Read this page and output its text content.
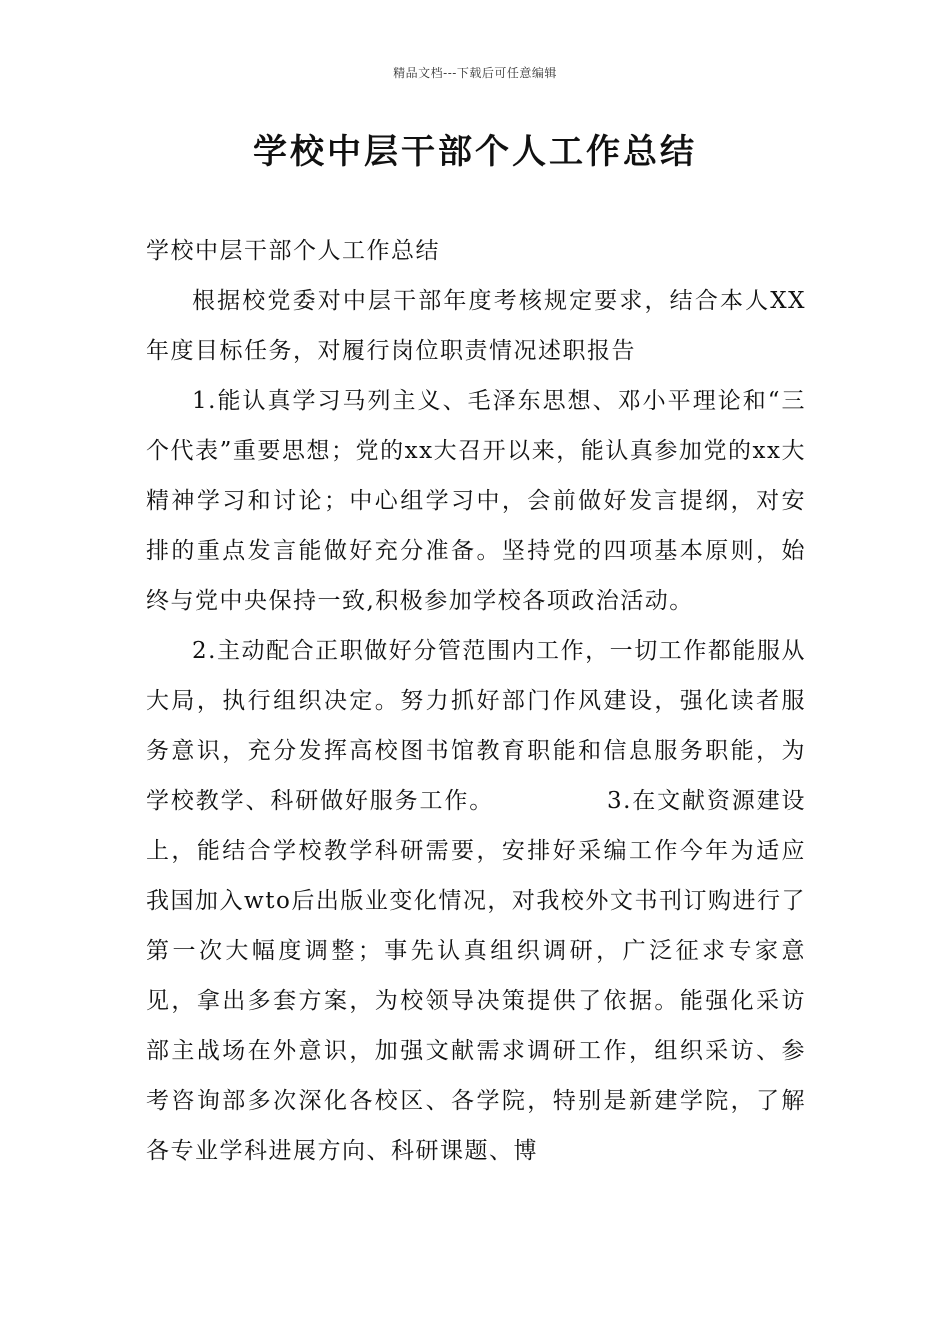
精品文档---下载后可任意编辑
学校中层干部个人工作总结

学校中层干部个人工作总结

根据校党委对中层干部年度考核规定要求，结合本人XX年度目标任务，对履行岗位职责情况述职报告

1.能认真学习马列主义、毛泽东思想、邓小平理论和“三个代表”重要思想；党的xx大召开以来，能认真参加党的xx大精神学习和讨论；中心组学习中，会前做好发言提纲，对安排的重点发言能做好充分准备。坚持党的四项基本原则，始终与党中央保持一致,积极参加学校各项政治活动。

2.主动配合正职做好分管范围内工作，一切工作都能服从大局，执行组织决定。努力抓好部门作风建设，强化读者服务意识，充分发挥高校图书馆教育职能和信息服务职能，为学校教学、科研做好服务工作。　　　　　3.在文献资源建设上，能结合学校教学科研需要，安排好采编工作今年为适应我国加入wto后出版业变化情况，对我校外文书刊订购进行了第一次大幅度调整；事先认真组织调研，广泛征求专家意见，拿出多套方案，为校领导决策提供了依据。能强化采访部主战场在外意识，加强文献需求调研工作，组织采访、参考咨询部多次深化各校区、各学院，特别是新建学院，了解各专业学科进展方向、科研课题、博
